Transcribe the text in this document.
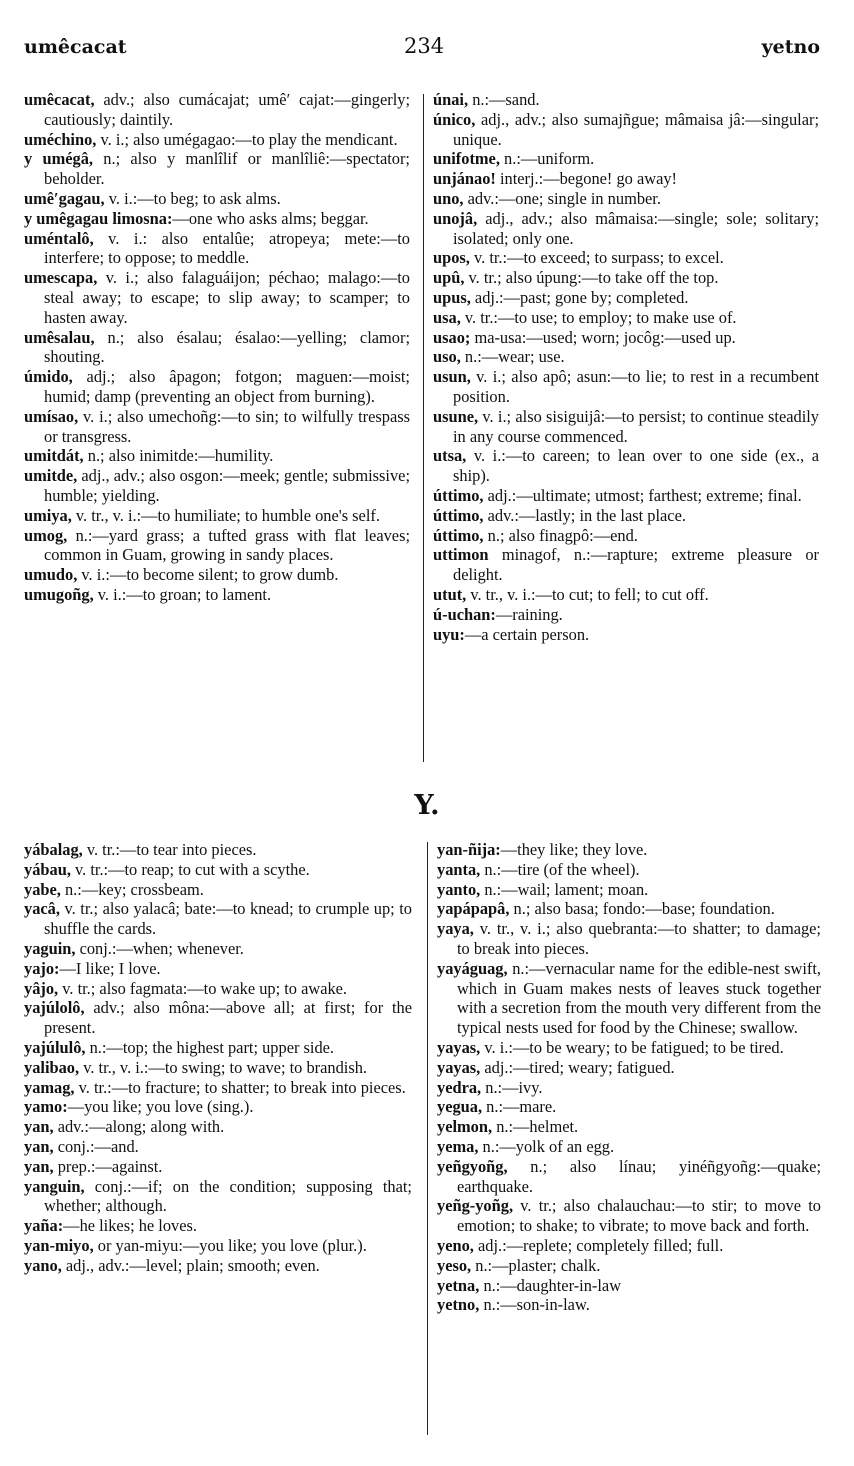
umêcacat	234	yetno

umêcacat, adv.; also cumácajat; umê′ cajat:—gingerly; cautiously; daintily.

uméchino, v. i.; also umégagao:—to play the mendicant.

y umégâ, n.; also y manlîlif or manlîliê:—spectator; beholder.

umê′gagau, v. i.:—to beg; to ask alms.

y umêgagau limosna:—one who asks alms; beggar.

uméntalô, v. i.: also entalûe; atropeya; mete:—to interfere; to oppose; to meddle.

umescapa, v. i.; also falaguáijon; péchao; malago:—to steal away; to escape; to slip away; to scamper; to hasten away.

umêsalau, n.; also ésalau; ésalao:—yelling; clamor; shouting.

úmido, adj.; also âpagon; fotgon; maguen:—moist; humid; damp (preventing an object from burning).

umísao, v. i.; also umechoñg:—to sin; to wilfully trespass or transgress.

umitdát, n.; also inimitde:—humility.

umitde, adj., adv.; also osgon:—meek; gentle; submissive; humble; yielding.

umiya, v. tr., v. i.:—to humiliate; to humble one's self.

umog, n.:—yard grass; a tufted grass with flat leaves; common in Guam, growing in sandy places.

umudo, v. i.:—to become silent; to grow dumb.

umugoñg, v. i.:—to groan; to lament.

únai, n.:—sand.

único, adj., adv.; also sumajñgue; mâmaisa jâ:—singular; unique.

unifotme, n.:—uniform.

unjánao! interj.:—begone! go away!

uno, adv.:—one; single in number.

unojâ, adj., adv.; also mâmaisa:—single; sole; solitary; isolated; only one.

upos, v. tr.:—to exceed; to surpass; to excel.

upû, v. tr.; also úpung:—to take off the top.

upus, adj.:—past; gone by; completed.

usa, v. tr.:—to use; to employ; to make use of.

usao; ma-usa:—used; worn; jocôg:—used up.

uso, n.:—wear; use.

usun, v. i.; also apô; asun:—to lie; to rest in a recumbent position.

usune, v. i.; also sisiguijâ:—to persist; to continue steadily in any course commenced.

utsa, v. i.:—to careen; to lean over to one side (ex., a ship).

úttimo, adj.:—ultimate; utmost; farthest; extreme; final.

úttimo, adv.:—lastly; in the last place.

úttimo, n.; also finagpô:—end.

uttimon minagof, n.:—rapture; extreme pleasure or delight.

utut, v. tr., v. i.:—to cut; to fell; to cut off.

ú-uchan:—raining.

uyu:—a certain person.

Y.

yábalag, v. tr.:—to tear into pieces.

yábau, v. tr.:—to reap; to cut with a scythe.

yabe, n.:—key; crossbeam.

yacâ, v. tr.; also yalacâ; bate:—to knead; to crumple up; to shuffle the cards.

yaguin, conj.:—when; whenever.

yajo:—I like; I love.

yâjo, v. tr.; also fagmata:—to wake up; to awake.

yajúlolô, adv.; also mônа:—above all; at first; for the present.

yajúlulô, n.:—top; the highest part; upper side.

yalibao, v. tr., v. i.:—to swing; to wave; to brandish.

yamag, v. tr.:—to fracture; to shatter; to break into pieces.

yamo:—you like; you love (sing.).

yan, adv.:—along; along with.

yan, conj.:—and.

yan, prep.:—against.

yanguin, conj.:—if; on the condition; supposing that; whether; although.

yaña:—he likes; he loves.

yan-miyo, or yan-miyu:—you like; you love (plur.).

yano, adj., adv.:—level; plain; smooth; even.

yan-ñija:—they like; they love.

yanta, n.:—tire (of the wheel).

yanto, n.:—wail; lament; moan.

yapápapâ, n.; also basa; fondo:—base; foundation.

yaya, v. tr., v. i.; also quebranta:—to shatter; to damage; to break into pieces.

yayáguag, n.:—vernacular name for the edible-nest swift, which in Guam makes nests of leaves stuck together with a secretion from the mouth very different from the typical nests used for food by the Chinese; swallow.

yayas, v. i.:—to be weary; to be fatigued; to be tired.

yayas, adj.:—tired; weary; fatigued.

yedra, n.:—ivy.

yegua, n.:—mare.

yelmon, n.:—helmet.

yema, n.:—yolk of an egg.

yeñgyoñg, n.; also línau; yinéñgyoñg:—quake; earthquake.

yeñg-yoñg, v. tr.; also chalauchau:—to stir; to move to emotion; to shake; to vibrate; to move back and forth.

yeno, adj.:—replete; completely filled; full.

yeso, n.:—plaster; chalk.

yetna, n.:—daughter-in-law

yetno, n.:—son-in-law.
